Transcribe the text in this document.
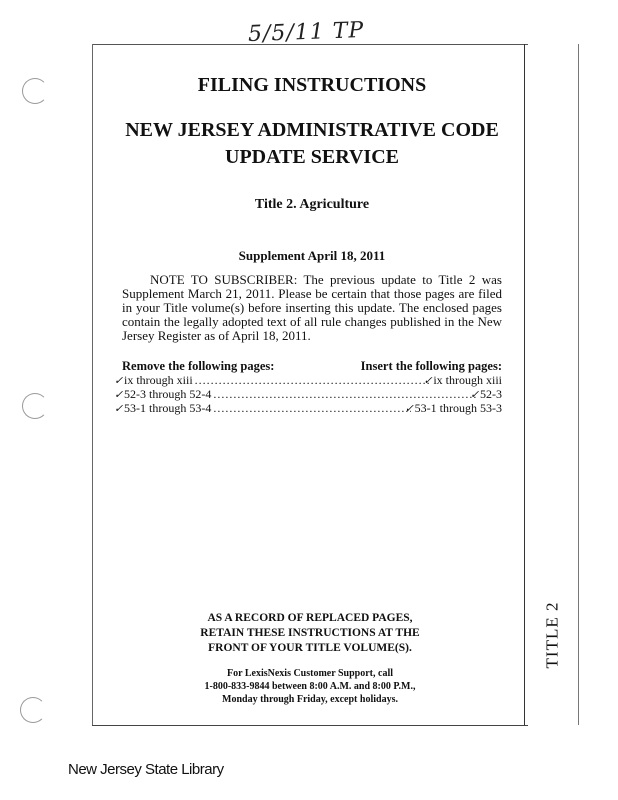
5/5/11 TP
TITLE 2

FILING INSTRUCTIONS

NEW JERSEY ADMINISTRATIVE CODE

UPDATE SERVICE

Title 2. Agriculture
Supplement April 18, 2011
NOTE TO SUBSCRIBER: The previous update to Title 2 was Supplement March 21, 2011. Please be certain that those pages are filed in your Title volume(s) before inserting this update. The enclosed pages contain the legally adopted text of all rule changes published in the New Jersey Register as of April 18, 2011.
Remove the following pages:	Insert the following pages:
✓ ix through xiii .....	✓ ix through xiii
✓ 52-3 through 52-4 .....	✓ 52-3
✓ 53-1 through 53-4 .....	✓ 53-1 through 53-3
AS A RECORD OF REPLACED PAGES,
RETAIN THESE INSTRUCTIONS AT THE
FRONT OF YOUR TITLE VOLUME(S).
For LexisNexis Customer Support, call
1-800-833-9844 between 8:00 A.M. and 8:00 P.M.,
Monday through Friday, except holidays.
New Jersey State Library
